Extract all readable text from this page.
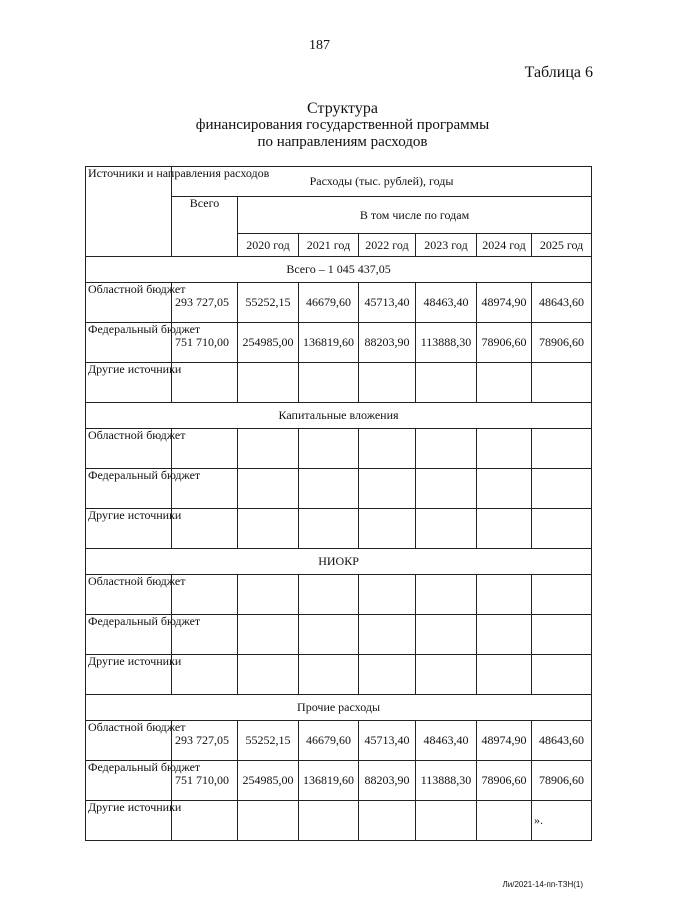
187
Таблица 6
Структура
финансирования государственной программы
по направлениям расходов
Источники и направления расходов	Расходы (тыс. рублей), годы						
	Всего	В том числе по годам					
		2020 год	2021 год	2022 год	2023 год	2024 год	2025 год
Всего – 1 045 437,05							
Областной бюджет	293 727,05	55252,15	46679,60	45713,40	48463,40	48974,90	48643,60
Федеральный бюджет	751 710,00	254985,00	136819,60	88203,90	113888,30	78906,60	78906,60
Другие источники							
Капитальные вложения							
Областной бюджет							
Федеральный бюджет							
Другие источники							
НИОКР							
Областной бюджет							
Федеральный бюджет							
Другие источники							
Прочие расходы							
Областной бюджет	293 727,05	55252,15	46679,60	45713,40	48463,40	48974,90	48643,60
Федеральный бюджет	751 710,00	254985,00	136819,60	88203,90	113888,30	78906,60	78906,60
Другие источники							».
Ли/2021-14-пп-ТЗН(1)
